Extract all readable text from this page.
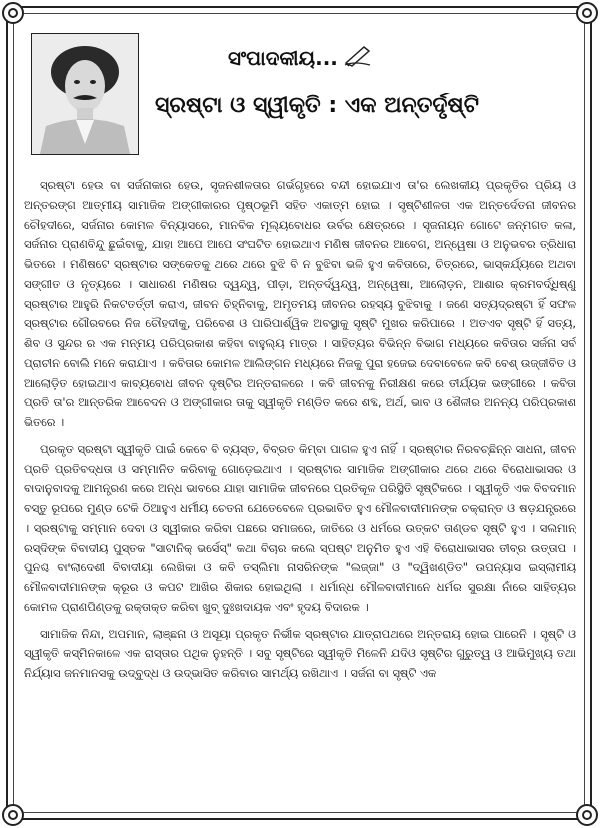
ସଂପାଦକୀୟ...
ସ୍ରଷ୍ଟା ଓ ସ୍ୱୀକୃତି : ଏକ ଅନ୍ତର୍ଦୃଷ୍ଟି

ସ୍ରଷ୍ଟା ହେଉ ବା ସର୍ଜନାକାର ହେଉ, ସୃଜନଶୀଳତାର ଗର୍ଭଗୃହରେ ବନ୍ଦୀ ହୋଇଯାଏ ତା'ର ଲେଖକୀୟ ପ୍ରକୃତିର ପ୍ରିୟ ଓ ଅନ୍ତରଙ୍ଗ ଆତ୍ମୀୟ ସାମାଜିକ ଅଙ୍ଗୀକାରର ପୃଷ୍ଠଭୂମି ସହିତ ଏକାତ୍ମ ହୋଇ । ସୃଷ୍ଟିଶୀଳତା ଏକ ଅନ୍ତର୍ଦେତନା ଜୀବନର ଚୌହଦୀରେ, ସର୍ଜନାର କୋମଳ ବିନ୍ୟାସରେ, ମାନବିକ ମୂଲ୍ୟବୋଧର ଉର୍ବର କ୍ଷେତ୍ରରେ । ସୃଜନାୟନ ଗୋଟେ ଜନ୍ମଗତ କଳା, ସର୍ଜନାର ପ୍ରାଣବିନ୍ଦୁ ଛୁଇଁବାକୁ, ଯାହା ଆପେ ଆପେ ସଂଘଟିତ ହୋଇଥାଏ ମଣିଷ ଜୀବନର ଆବେଗ, ଅନ୍ୱେଷା ଓ ଅନୁଭବର ତ୍ରିଧାରା ଭିତରେ । ମଣିଷଟେ ସ୍ରଷ୍ଟାର ସଙ୍କେତକୁ ଥରେ ଥରେ ବୁଝି ବି ନ ବୁଝିବା ଭଳି ହୁଏ କବିତାରେ, ଚିତ୍ରରେ, ଭାସ୍କର୍ଯ୍ୟରେ ଅଥବା ସଙ୍ଗୀତ ଓ ନୃତ୍ୟରେ । ସାଧାରଣ ମଣିଷର ଦ୍ୱନ୍ଦ୍ୱ, ପୀଡ଼ା, ଅନ୍ତର୍ଦ୍ୱନ୍ଦ୍ୱ, ଅନ୍ୱେଷା, ଆଲୋଡ଼ନ, ଆଶାର କ୍ରମବର୍ଦ୍ଧିଷ୍ଣୁ ସ୍ରଷ୍ଟାର ଆହୁରି ନିକଟତର୍ତ୍ତୀ କରାଏ, ଜୀବନ ଚିହ୍ନିବାକୁ, ଅମୃତମୟ ଜୀବନର ରହସ୍ୟ ବୁଝିବାକୁ । ଜଣେ ସତ୍ୟଦ୍ରଷ୍ଟା ହିଁ ସଫଳ ସ୍ରଷ୍ଟାର ଗୌରବରେ ନିଜ ଚୌହଦୀକୁ, ପରିବେଶ ଓ ପାରିପାର୍ଶ୍ୱିକ ଅବସ୍ଥାକୁ ସୃଷ୍ଟି ମୁଖର କରିପାରେ । ଅତଏବ ସୃଷ୍ଟି ହିଁ ସତ୍ୟ, ଶିବ ଓ ସୁନ୍ଦର ର ଏକ ମନ୍ମୟ ପରିପ୍ରକାଶ କହିବା ବାହୁଲ୍ୟ ମାତ୍ର । ସାହିତ୍ୟର ବିଭିନ୍ନ ବିଭାଗ ମଧ୍ୟରେ କବିତାର ସର୍ଜନା ସର୍ବ ପ୍ରାଚୀନ ବୋଲି ମନେ କରାଯାଏ । କବିତାର କୋମଳ ଆଲିଙ୍ଗନ ମଧ୍ୟରେ ନିଜକୁ ପୁରା ହଜେଇ ଦେବାବେଳେ କବି ବେଶ୍ ଉଜ୍ଜୀବିତ ଓ ଆଲୋଡ଼ିତ ହୋଇଥାଏ କାବ୍ୟବୋଧ ଜୀବନ ଦୃଷ୍ଟିର ଅନ୍ତରାଳରେ । କବି ଜୀବନକୁ ନିରୀକ୍ଷଣ କରେ ତୀର୍ଯ୍ୟକ ଭଙ୍ଗୀରେ । କବିତା ପ୍ରତି ତା'ର ଆନ୍ତରିକ ଆବେଦନ ଓ ଅଙ୍ଗୀକାର ତାକୁ ସ୍ୱୀକୃତି ମଣ୍ଡିତ କରେ ଶବ୍ଦ, ଅର୍ଥ, ଭାବ ଓ ଶୈଳୀର ଅନନ୍ୟ ପରିପ୍ରକାଶ ଭିତରେ ।

ପ୍ରକୃତ ସ୍ରଷ୍ଟା ସ୍ୱୀକୃତି ପାଇଁ କେବେ ବି ବ୍ୟସ୍ତ, ବିବ୍ରତ କିମ୍ବା ପାଗଳ ହୁଏ ନାହିଁ । ସ୍ରଷ୍ଟାର ନିରବଚ୍ଛିନ୍ନ ସାଧନା, ଜୀବନ ପ୍ରତି ପ୍ରତିବଦ୍ଧତା ଓ ସମ୍ମାନିତ କରିବାକୁ ଗୋଡ଼େଇଥାଏ । ସ୍ରଷ୍ଟାର ସାମାଜିକ ଅଙ୍ଗୀକାର ଥରେ ଥରେ ବିରୋଧାଭାସର ଓ ବାଦାନୁବାଦକୁ ଆମନ୍ତ୍ରଣ କରେ ଅନ୍ଧ ଭାବରେ ଯାହା ସାମାଜିକ ଜୀବନରେ ପ୍ରତିକୂଳ ପରିସ୍ଥିତି ସୃଷ୍ଟିକରେ । ସ୍ୱୀକୃତି ଏକ ବିବଦମାନ ବସ୍ତୁ ରୂପରେ ମୁଣ୍ଡ ଟେକି ଠିଆହୁଏ ଧର୍ମୀୟ ଚେତନା ଯେତେବେଳେ ପ୍ରଭାବିତ ହୁଏ ମୌଳବାଦୀମାନଙ୍କ ଚକ୍ରାନ୍ତ ଓ ଷଡ଼ଯନ୍ତ୍ରରେ । ସ୍ରଷ୍ଟାକୁ ସମ୍ମାନ ଦେବା ଓ ସ୍ୱୀକାର କରିବା ପଛରେ ସମାଜରେ, ଜାତିରେ ଓ ଧର୍ମରେ ଉତ୍କଟ ତାଣ୍ଡବ ସୃଷ୍ଟି ହୁଏ । ସଲମାନ୍ ରସ୍‌ଦିଙ୍କ ବିବାଦୀୟ ପୁସ୍ତକ "ସାଟାନିକ୍ ଭର୍ସେସ୍" କଥା ବିଚାର କଲେ ସ୍ପଷ୍ଟ ଅନୁମିତ ହୁଏ ଏହି ବିରୋଧାଭାସର ତୀବ୍ର ଉତ୍ତାପ । ପୁନଶ୍ଚ ବାଂଲାଦେଶୀ ବିବାଦୀୟା ଲେଖିକା ଓ କବି ତସ୍‌ଲିମା ନାସରିନଙ୍କ "ଲଜ୍ଜା" ଓ "ଦ୍ୱିଖଣ୍ଡିତ" ଉପନ୍ୟାସ ଇସ୍‌ଲାମୀୟ ମୌଳବାଦୀମାନଙ୍କ କ୍ରୂର ଓ କପଟ ଆଖିର ଶିକାର ହୋଇଥିଲା । ଧର୍ମାନ୍ଧ ମୌଳବାଦୀମାନେ ଧର୍ମର ସୁରକ୍ଷା ନାଁରେ ସାହିତ୍ୟର କୋମଳ ପ୍ରାଣପିଣ୍ଡକୁ ରକ୍ତାକ୍ତ କରିବା ଖୁବ୍ ଦୁଃଖଦାୟକ ଏବଂ ହୃଦୟ ବିଦାରକ ।

ସାମାଜିକ ନିନ୍ଦା, ଅପମାନ, ଲାଞ୍ଛନା ଓ ଅସୂୟା ପ୍ରକୃତ ନିର୍ଭୀକ ସ୍ରଷ୍ଟାର ଯାତ୍ରାପଥରେ ଅନ୍ତରାୟ ହୋଇ ପାରେନି । ସୃଷ୍ଟି ଓ ସ୍ୱୀକୃତି କସ୍ମିନକାଳେ ଏକ ରାସ୍ତାର ପଥିକ ନୁହନ୍ତି । ସବୁ ସୃଷ୍ଟିରେ ସ୍ୱୀକୃତି ମିଳେନି ଯଦିଓ ସୃଷ୍ଟିର ଗୁରୁତ୍ୱ ଓ ଆଭିମୁଖ୍ୟ ତଥା ନିର୍ଯ୍ୟାସ ଜନମାନସକୁ ଉଦ୍‌ବୁଦ୍ଧ ଓ ଉଦ୍‌ଭାସିତ କରିବାର ସାମର୍ଥ୍ୟ ରଖିଥାଏ । ସର୍ଜନା ବା ସୃଷ୍ଟି ଏକ
